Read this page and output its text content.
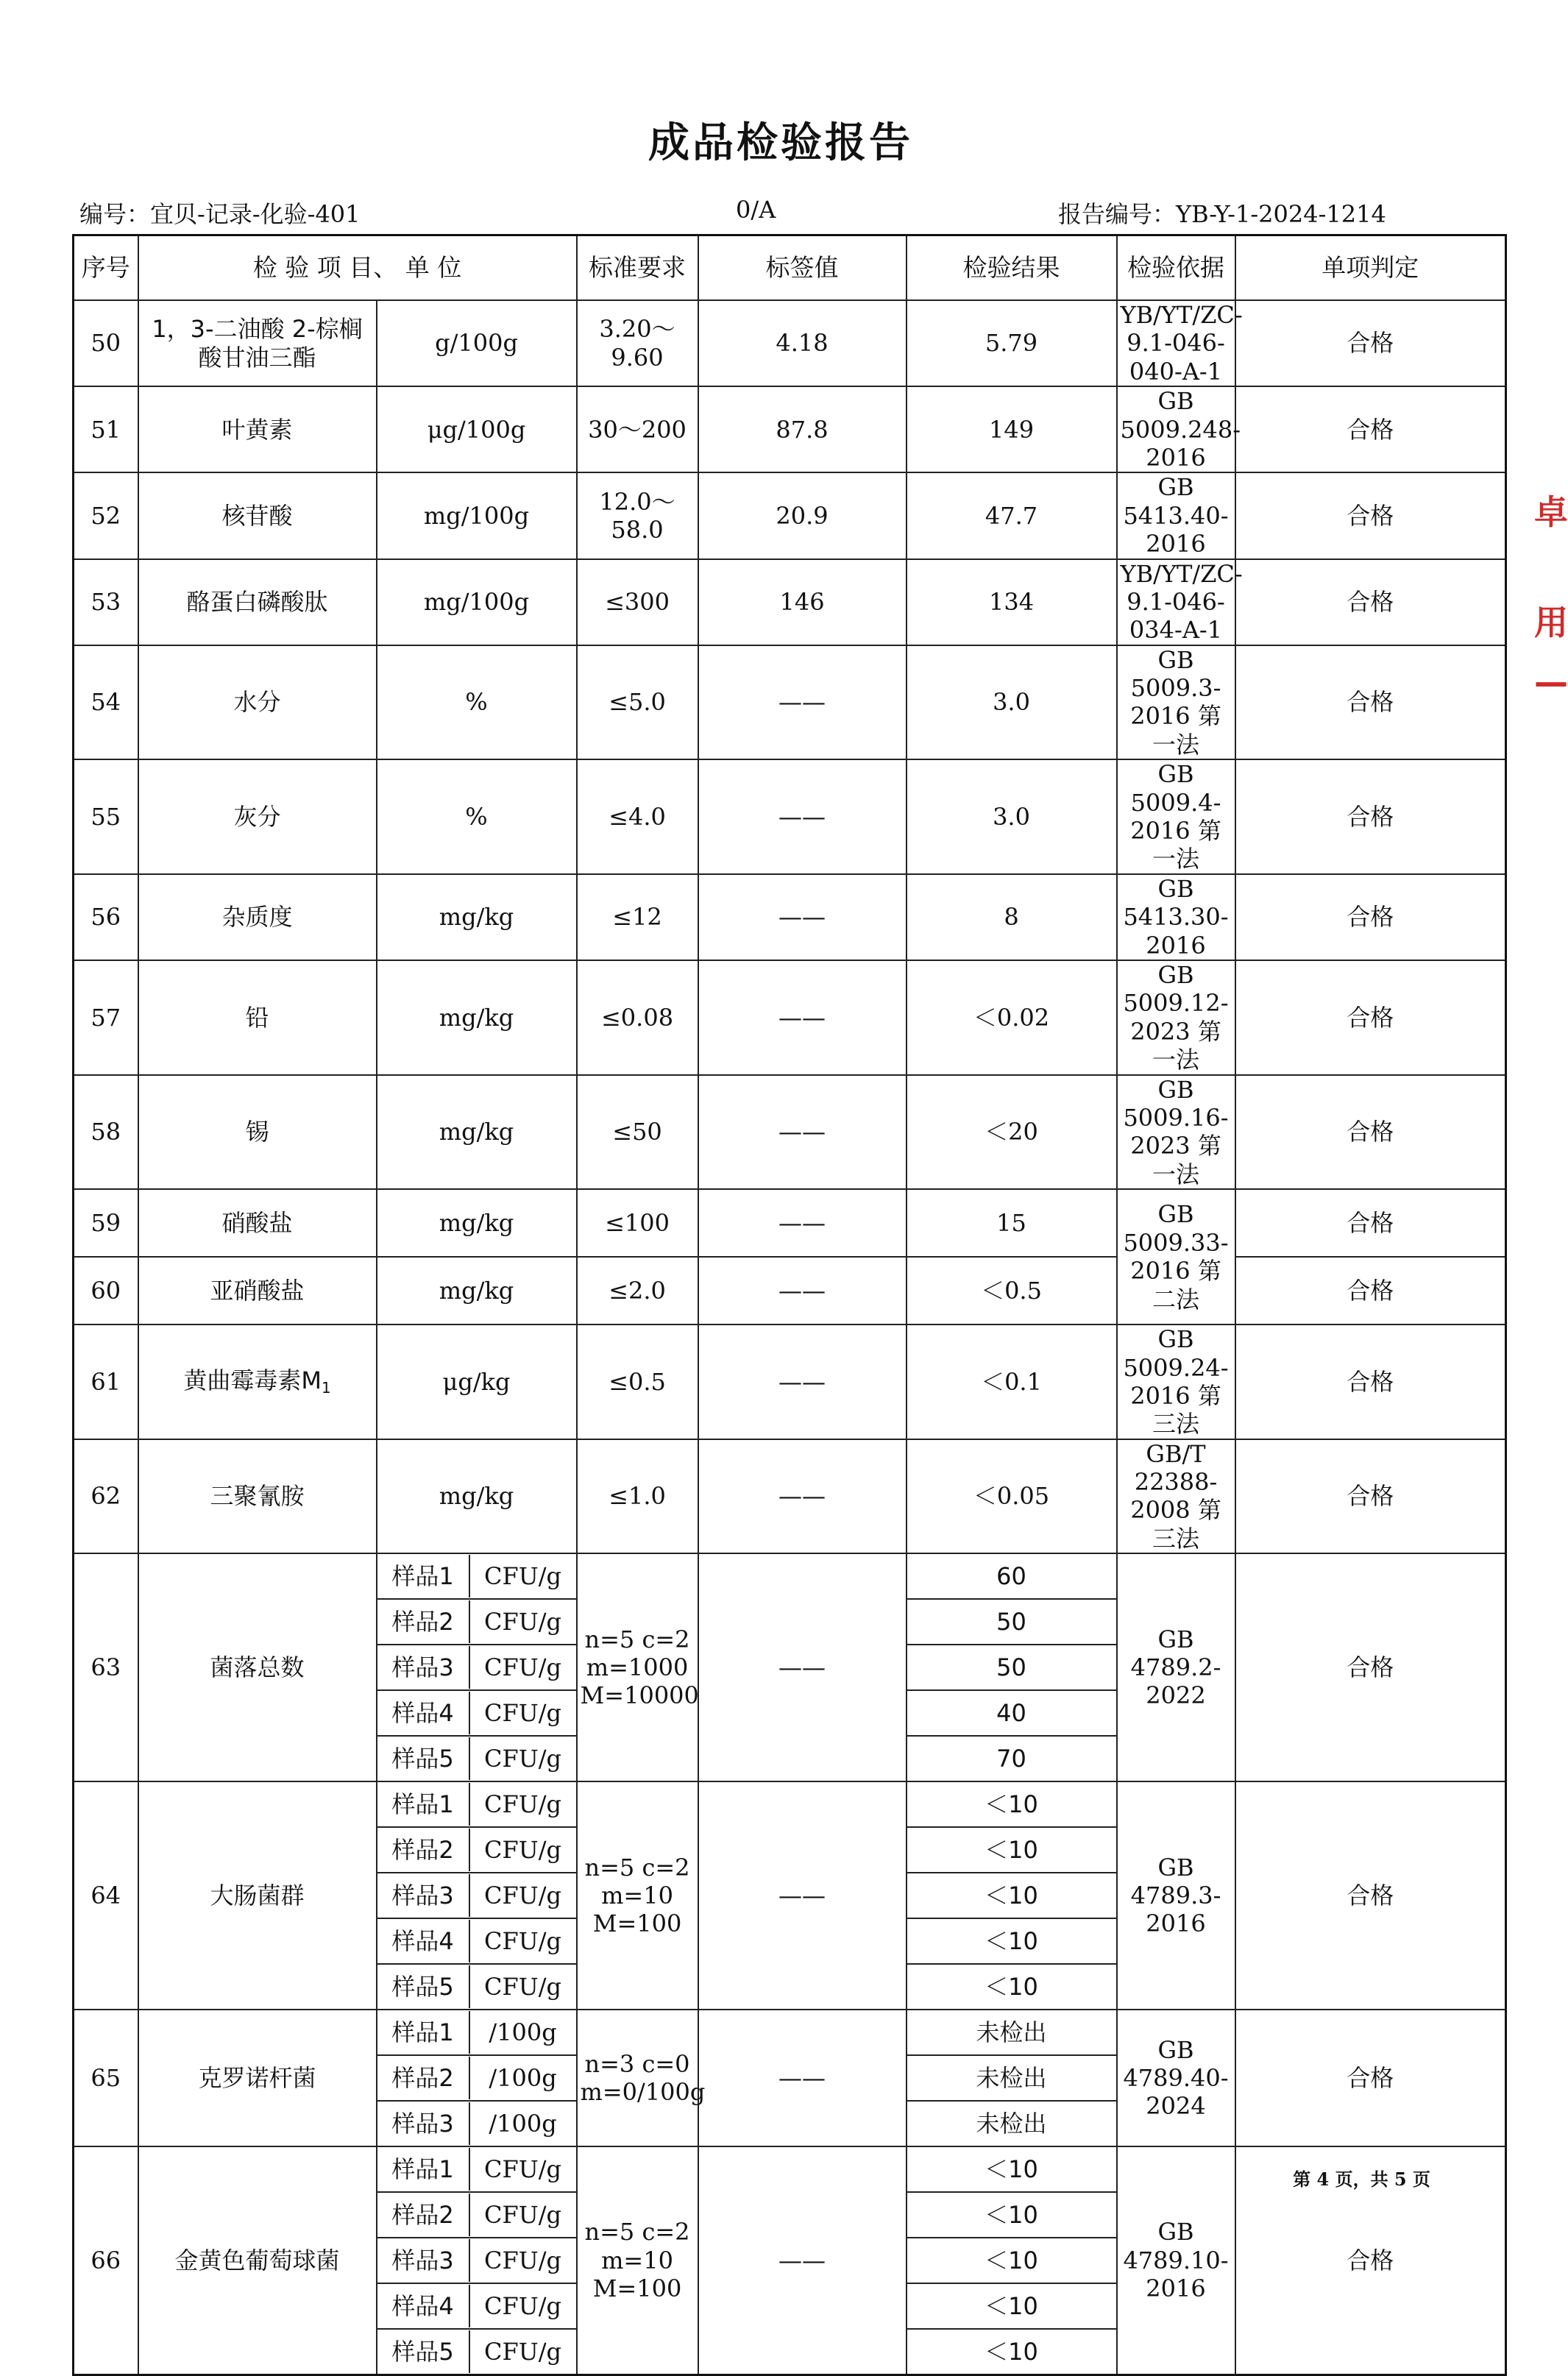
成品检验报告
编号：宜贝-记录-化验-401	0/A	报告编号：YB-Y-1-2024-1214
序号	检 验 项 目、 单 位		标准要求	标签值	检验结果	检验依据	单项判定
50	1，3-二油酸 2-棕榈酸甘油三酯	g/100g	3.20～9.60	4.18	5.79	YB/YT/ZC-9.1-046-040-A-1	合格
51	叶黄素	μg/100g	30～200	87.8	149	GB 5009.248-2016	合格
52	核苷酸	mg/100g	12.0～58.0	20.9	47.7	GB 5413.40-2016	合格
53	酪蛋白磷酸肽	mg/100g	≤300	146	134	YB/YT/ZC-9.1-046-034-A-1	合格
54	水分	%	≤5.0	——	3.0	GB 5009.3-2016 第一法	合格
55	灰分	%	≤4.0	——	3.0	GB 5009.4-2016 第一法	合格
56	杂质度	mg/kg	≤12	——	8	GB 5413.30-2016	合格
57	铅	mg/kg	≤0.08	——	＜0.02	GB 5009.12-2023 第一法	合格
58	锡	mg/kg	≤50	——	＜20	GB 5009.16-2023 第一法	合格
59	硝酸盐	mg/kg	≤100	——	15	GB 5009.33-2016 第二法	合格
60	亚硝酸盐	mg/kg	≤2.0	——	＜0.5		合格
61	黄曲霉毒素$M_1$	μg/kg	≤0.5	——	＜0.1	GB 5009.24-2016 第三法	合格
62	三聚氰胺	mg/kg	≤1.0	——	＜0.05	GB/T 22388-2008 第三法	合格
63	菌落总数	样品1 CFU/g	n=5 c=2 m=1000 M=10000	——	60	GB 4789.2-2022	合格

样品2 CFU/g			50		

样品3 CFU/g			50		

样品4 CFU/g			40		

样品5 CFU/g			70		
64	大肠菌群	样品1 CFU/g	n=5 c=2 m=10 M=100	——	＜10	GB 4789.3-2016	合格

样品2 CFU/g			＜10		

样品3 CFU/g			＜10		

样品4 CFU/g			＜10		

样品5 CFU/g			＜10		
65	克罗诺杆菌	样品1 /100g	n=3 c=0 m=0/100g	——	未检出	GB 4789.40-2024	合格

样品2 /100g			未检出		

样品3 /100g			未检出		
66	金黄色葡萄球菌	样品1 CFU/g	n=5 c=2 m=10 M=100	——	＜10	GB 4789.10-2016	合格

样品2 CFU/g			＜10		

样品3 CFU/g			＜10		

样品4 CFU/g			＜10		

样品5 CFU/g			＜10		
第 4 页，共 5 页
卓
用
—
